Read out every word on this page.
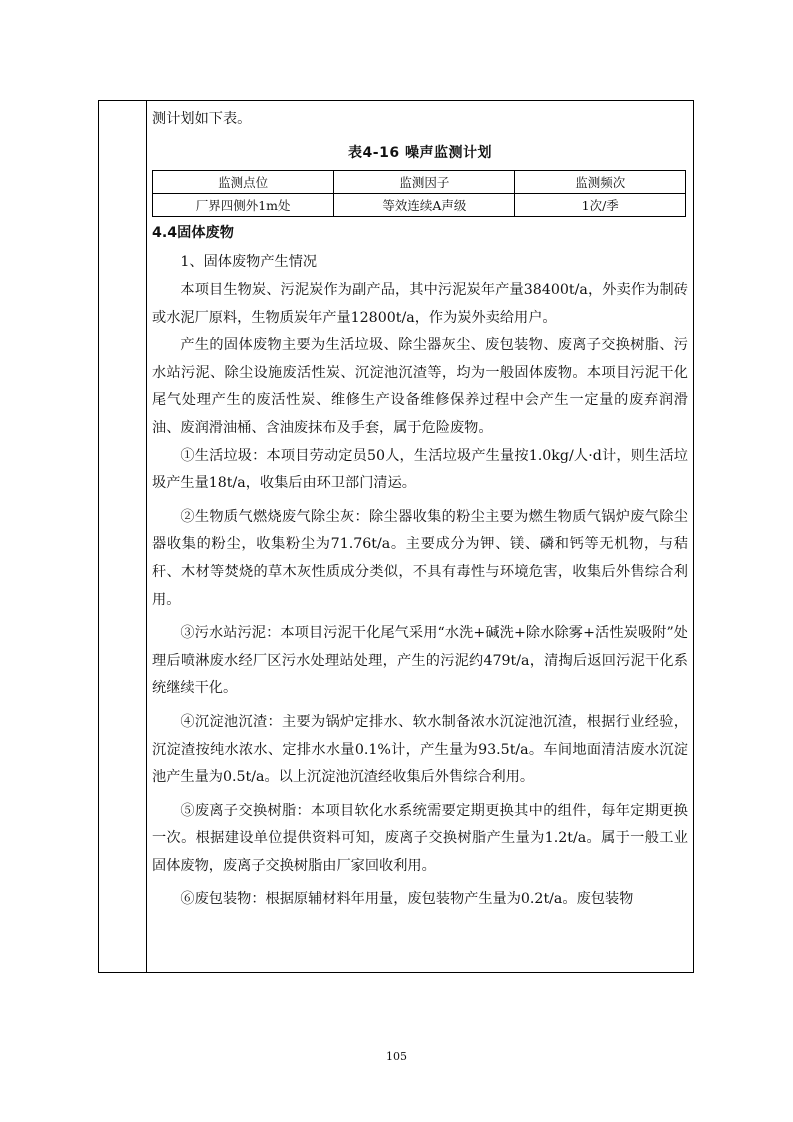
测计划如下表。

表4-16 噪声监测计划
监测点位	监测因子	监测频次
厂界四侧外1m处	等效连续A声级	1次/季
4.4固体废物

1、固体废物产生情况

本项目生物炭、污泥炭作为副产品，其中污泥炭年产量38400t/a，外卖作为制砖或水泥厂原料，生物质炭年产量12800t/a，作为炭外卖给用户。

产生的固体废物主要为生活垃圾、除尘器灰尘、废包装物、废离子交换树脂、污水站污泥、除尘设施废活性炭、沉淀池沉渣等，均为一般固体废物。本项目污泥干化尾气处理产生的废活性炭、维修生产设备维修保养过程中会产生一定量的废弃润滑油、废润滑油桶、含油废抹布及手套，属于危险废物。

①生活垃圾：本项目劳动定员50人，生活垃圾产生量按1.0kg/人·d计，则生活垃圾产生量18t/a，收集后由环卫部门清运。

②生物质气燃烧废气除尘灰：除尘器收集的粉尘主要为燃生物质气锅炉废气除尘器收集的粉尘，收集粉尘为71.76t/a。主要成分为钾、镁、磷和钙等无机物，与秸秆、木材等焚烧的草木灰性质成分类似，不具有毒性与环境危害，收集后外售综合利用。

③污水站污泥：本项目污泥干化尾气采用“水洗+碱洗+除水除雾+活性炭吸附”处理后喷淋废水经厂区污水处理站处理，产生的污泥约479t/a，清掏后返回污泥干化系统继续干化。

④沉淀池沉渣：主要为锅炉定排水、软水制备浓水沉淀池沉渣，根据行业经验，沉淀渣按纯水浓水、定排水水量0.1%计，产生量为93.5t/a。车间地面清洁废水沉淀池产生量为0.5t/a。以上沉淀池沉渣经收集后外售综合利用。

⑤废离子交换树脂：本项目软化水系统需要定期更换其中的组件，每年定期更换一次。根据建设单位提供资料可知，废离子交换树脂产生量为1.2t/a。属于一般工业固体废物，废离子交换树脂由厂家回收利用。

⑥废包装物：根据原辅材料年用量，废包装物产生量为0.2t/a。废包装物

105
